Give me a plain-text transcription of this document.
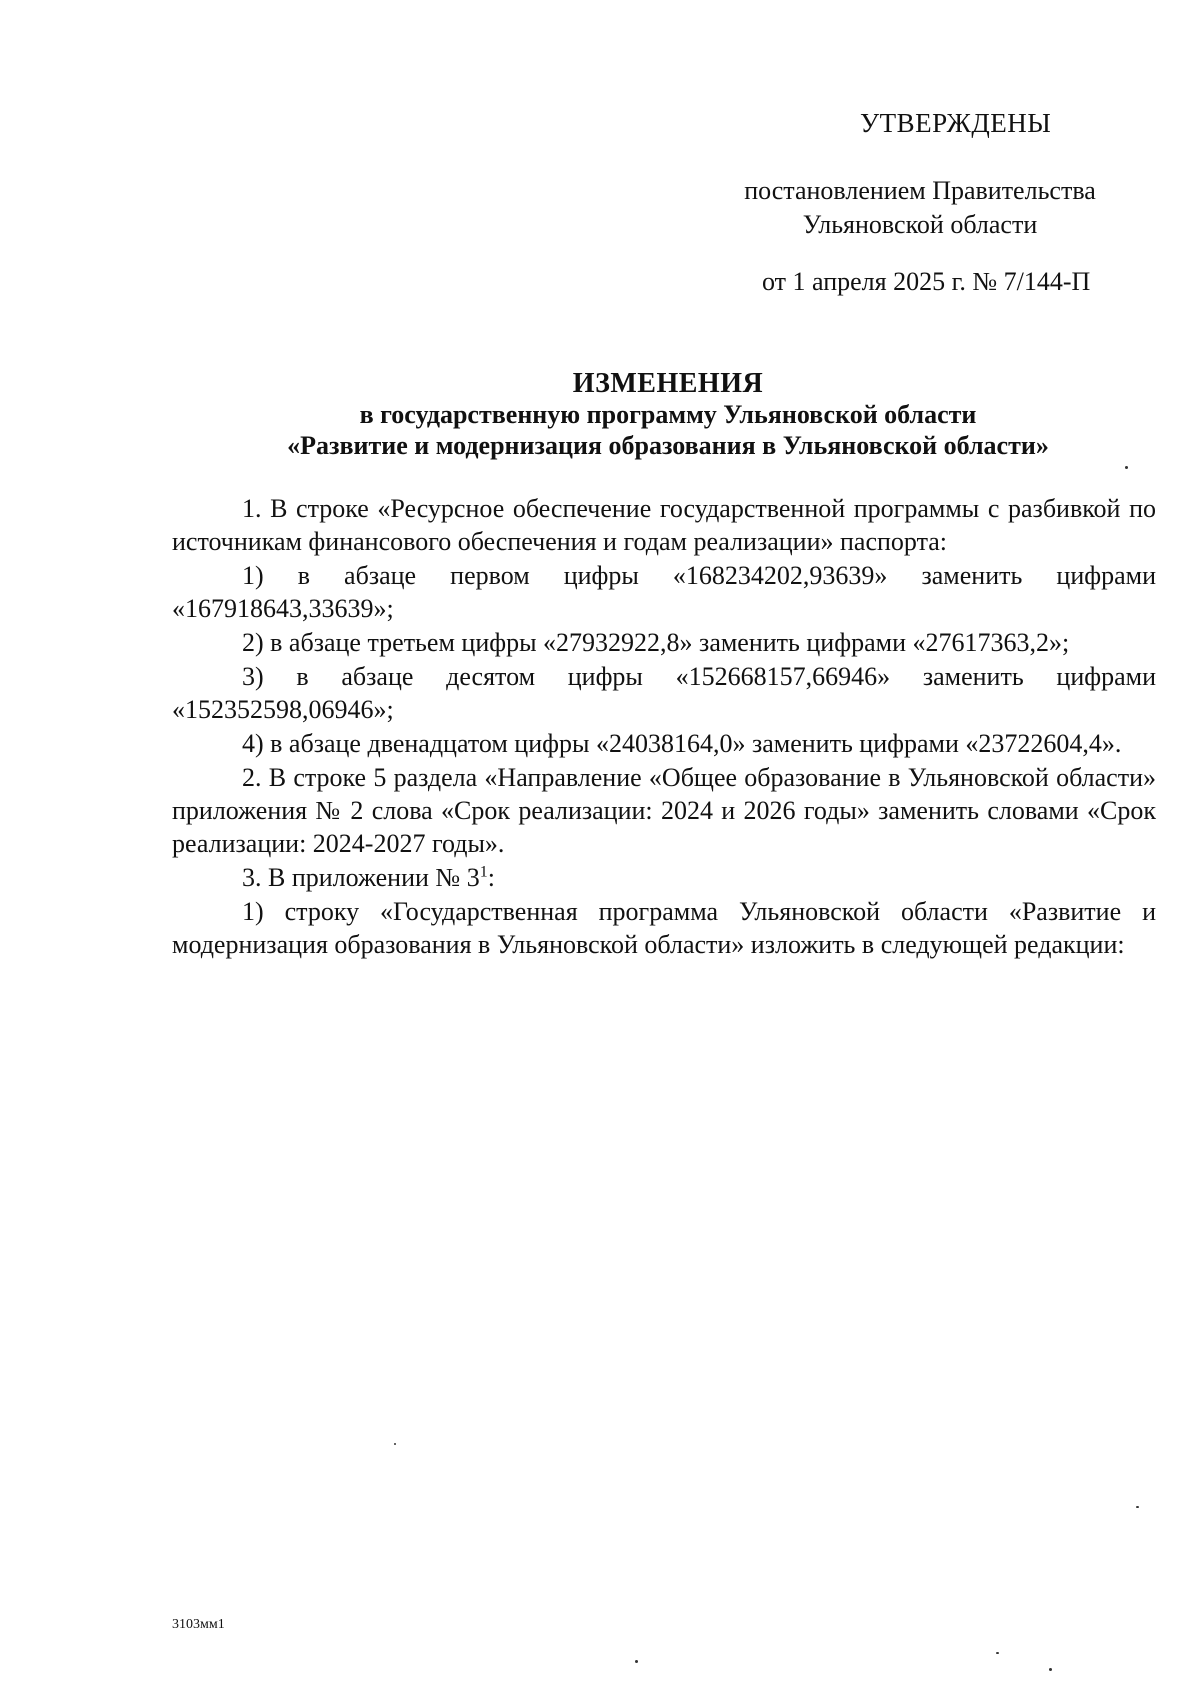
УТВЕРЖДЕНЫ
постановлением Правительства
Ульяновской области
от 1 апреля 2025 г. № 7/144-П
ИЗМЕНЕНИЯ
в государственную программу Ульяновской области
«Развитие и модернизация образования в Ульяновской области»

1. В строке «Ресурсное обеспечение государственной программы с разбивкой по источникам финансового обеспечения и годам реализации» паспорта:

1) в абзаце первом цифры «168234202,93639» заменить цифрами «167918643,33639»;

2) в абзаце третьем цифры «27932922,8» заменить цифрами «27617363,2»;

3) в абзаце десятом цифры «152668157,66946» заменить цифрами «152352598,06946»;

4) в абзаце двенадцатом цифры «24038164,0» заменить цифрами «23722604,4».

2. В строке 5 раздела «Направление «Общее образование в Ульяновской области» приложения № 2 слова «Срок реализации: 2024 и 2026 годы» заменить словами «Срок реализации: 2024-2027 годы».

3. В приложении № $3^1$:

1) строку «Государственная программа Ульяновской области «Развитие и модернизация образования в Ульяновской области» изложить в следующей редакции:

3103мм1
